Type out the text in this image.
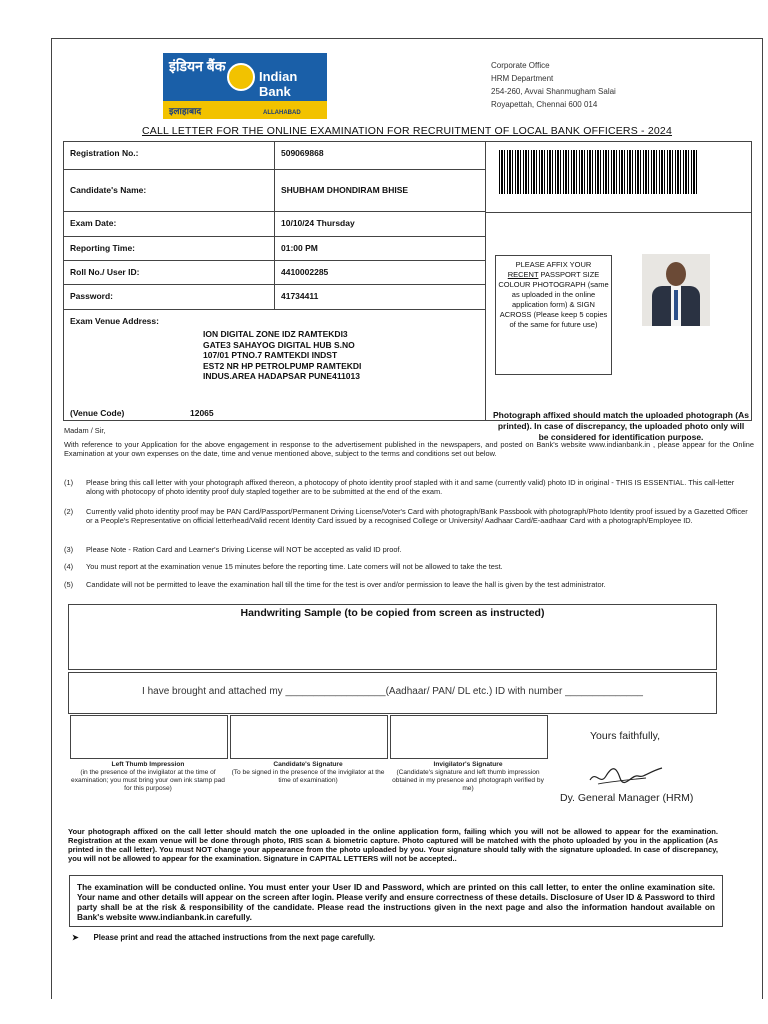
इंडियन बैंक
Indian Bank
इलाहाबाद	ALLAHABAD
Corporate Office
HRM Department
254-260, Avvai Shanmugham Salai
Royapettah, Chennai 600 014
CALL LETTER FOR THE ONLINE EXAMINATION FOR RECRUITMENT OF LOCAL BANK OFFICERS - 2024
Registration No.:	509069868
Candidate's Name:	SHUBHAM DHONDIRAM BHISE
Exam Date:	10/10/24 Thursday
Reporting Time:	01:00 PM
Roll No./ User ID:	4410002285
Password:	41734411
Exam Venue Address:
ION DIGITAL ZONE IDZ RAMTEKDI3
GATE3 SAHAYOG DIGITAL HUB S.NO
107/01 PTNO.7 RAMTEKDI INDST
EST2 NR HP PETROLPUMP RAMTEKDI
INDUS.AREA HADAPSAR PUNE411013
(Venue Code)	12065
PLEASE AFFIX YOUR
RECENT PASSPORT SIZE
COLOUR PHOTOGRAPH (same as uploaded in the online application form) & SIGN ACROSS (Please keep 5 copies of the same for future use)
Photograph affixed should match the uploaded photograph (As printed). In case of discrepancy, the uploaded photo only will be considered for identification purpose.
Madam / Sir,
With reference to your Application for the above engagement in response to the advertisement published in the newspapers, and posted on Bank's website www.indianbank.in , please appear for the Online Examination at your own expenses on the date, time and venue mentioned above, subject to the terms and conditions set out below.
(1) Please bring this call letter with your photograph affixed thereon, a photocopy of photo identity proof stapled with it and same (currently valid) photo ID in original - THIS IS ESSENTIAL. This call-letter along with photocopy of photo identity proof duly stapled together are to be submitted at the end of the exam.
(2) Currently valid photo identity proof may be PAN Card/Passport/Permanent Driving License/Voter's Card with photograph/Bank Passbook with photograph/Photo Identity proof issued by a Gazetted Officer or a People's Representative on official letterhead/Valid recent Identity Card issued by a recognised College or University/ Aadhaar Card/E-aadhaar Card with a photograph/Employee ID.
(3) Please Note - Ration Card and Learner's Driving License will NOT be accepted as valid ID proof.
(4) You must report at the examination venue 15 minutes before the reporting time. Late comers will not be allowed to take the test.
(5) Candidate will not be permitted to leave the examination hall till the time for the test is over and/or permission to leave the hall is given by the test administrator.
Handwriting Sample (to be copied from screen as instructed)
I have brought and attached my __________________(Aadhaar/ PAN/ DL etc.) ID with number ______________
Left Thumb Impression
(in the presence of the invigilator at the time of examination; you must bring your own ink stamp pad for this purpose)
Candidate's Signature
(To be signed in the presence of the invigilator at the time of examination)
Invigilator's Signature
(Candidate's signature and left thumb impression obtained in my presence and photograph verified by me)
Yours faithfully,
Dy. General Manager (HRM)
Your photograph affixed on the call letter should match the one uploaded in the online application form, failing which you will not be allowed to appear for the examination. Registration at the exam venue will be done through photo, IRIS scan & biometric capture. Photo captured will be matched with the photo uploaded by you in the application (As printed in the call letter). You must NOT change your appearance from the photo uploaded by you. Your signature should tally with the signature uploaded. In case of discrepancy, you will not be allowed to appear for the examination. Signature in CAPITAL LETTERS will not be accepted..
The examination will be conducted online. You must enter your User ID and Password, which are printed on this call letter, to enter the online examination site. Your name and other details will appear on the screen after login. Please verify and ensure correctness of these details. Disclosure of User ID & Password to third party shall be at the risk & responsibility of the candidate. Please read the instructions given in the next page and also the information handout available on Bank's website www.indianbank.in carefully.
➤ Please print and read the attached instructions from the next page carefully.
